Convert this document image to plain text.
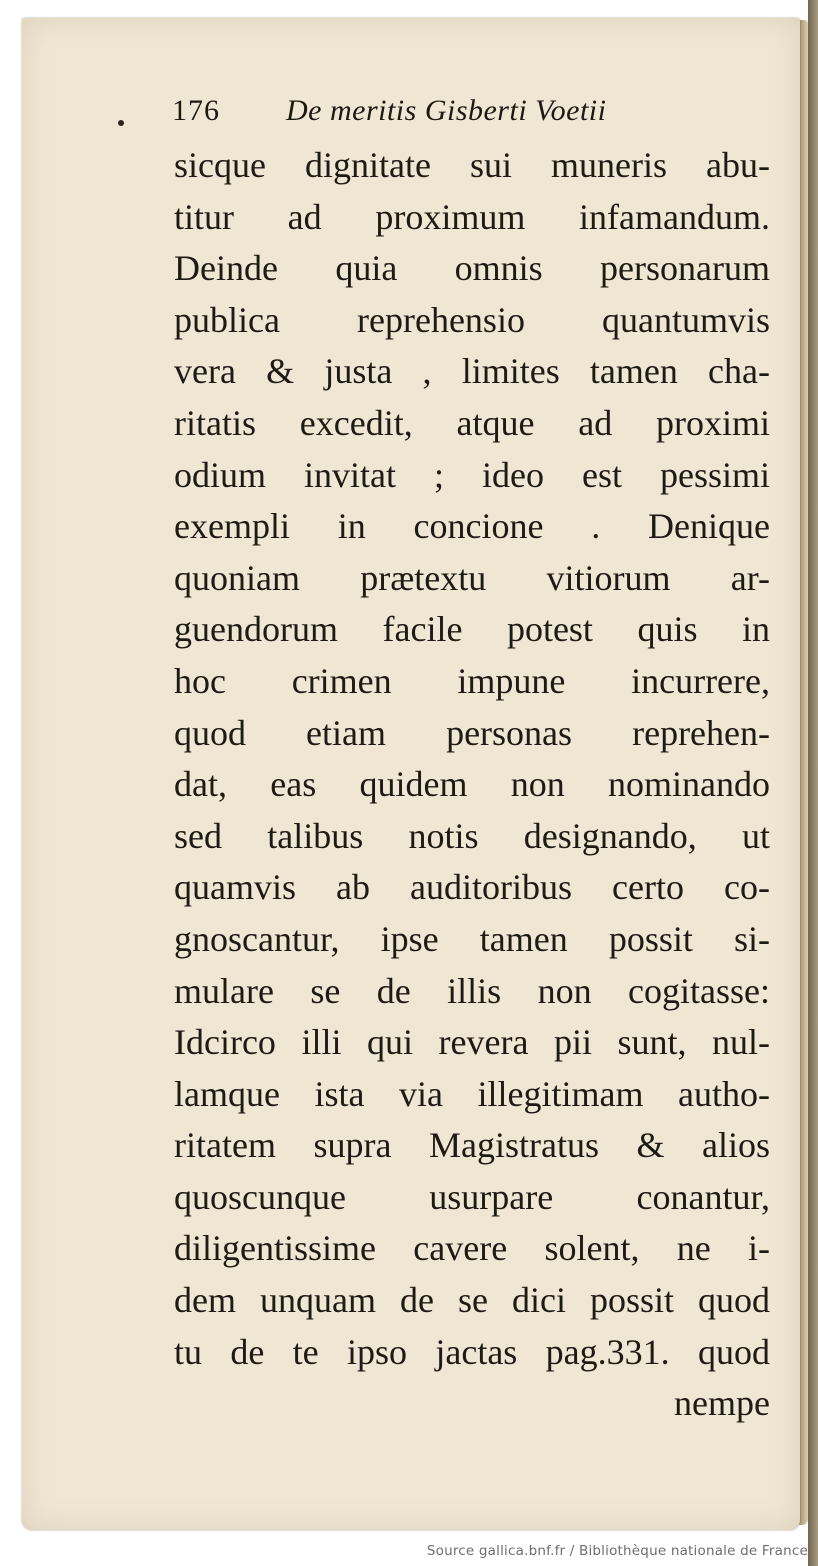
176 De meritis Gisberti Voetii
sicque dignitate sui muneris abu-
titur ad proximum infamandum.
Deinde quia omnis personarum
publica reprehensio quantumvis
vera & justa , limites tamen cha-
ritatis excedit, atque ad proximi
odium invitat ; ideo est pessimi
exempli in concione . Denique
quoniam prætextu vitiorum ar-
guendorum facile potest quis in
hoc crimen impune incurrere,
quod etiam personas reprehen-
dat, eas quidem non nominando
sed talibus notis designando, ut
quamvis ab auditoribus certo co-
gnoscantur, ipse tamen possit si-
mulare se de illis non cogitasse:
Idcirco illi qui revera pii sunt, nul-
lamque ista via illegitimam autho-
ritatem supra Magistratus & alios
quoscunque usurpare conantur,
diligentissime cavere solent, ne i-
dem unquam de se dici possit quod
tu de te ipso jactas pag.331. quod
nempe
Source gallica.bnf.fr / Bibliothèque nationale de France
